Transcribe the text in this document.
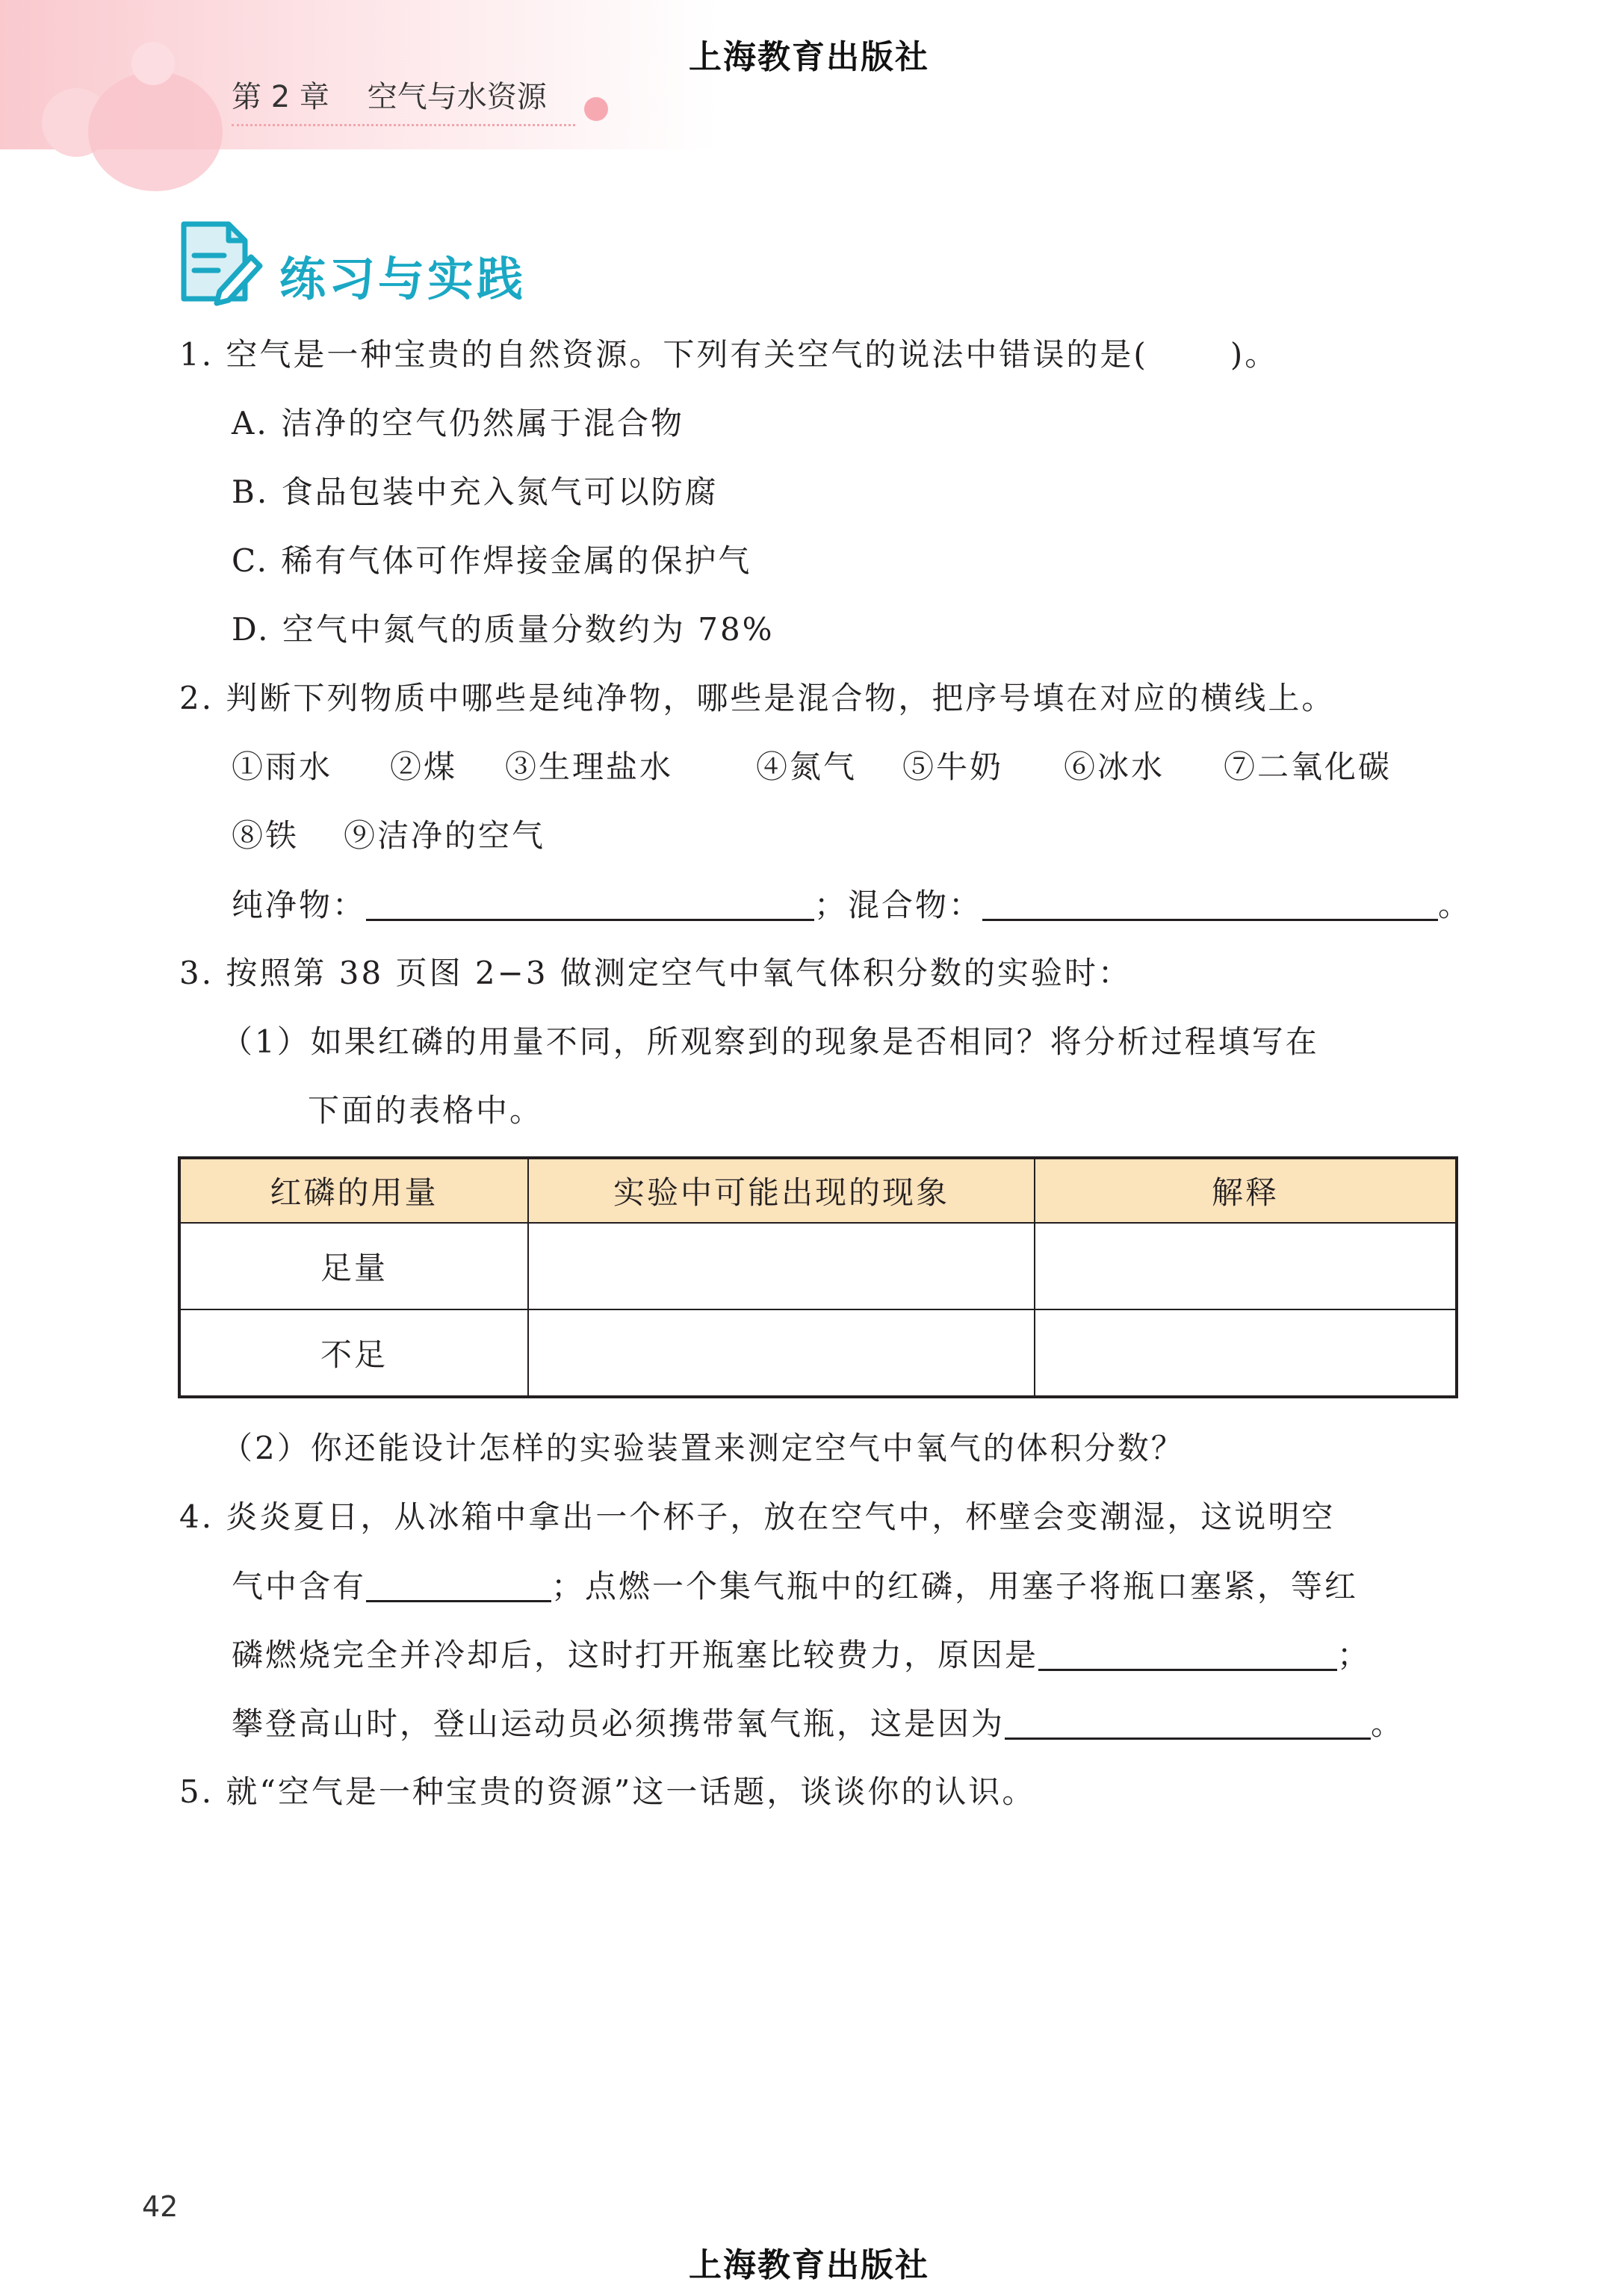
上海教育出版社
第 2 章    空气与水资源
练习与实践
1. 空气是一种宝贵的自然资源。下列有关空气的说法中错误的是(	)。
A. 洁净的空气仍然属于混合物
B. 食品包装中充入氮气可以防腐
C. 稀有气体可作焊接金属的保护气
D. 空气中氮气的质量分数约为 78%
2. 判断下列物质中哪些是纯净物，哪些是混合物，把序号填在对应的横线上。
①雨水 ②煤 ③生理盐水	④氮气 ⑤牛奶 ⑥冰水 ⑦二氧化碳
⑧铁 ⑨洁净的空气
纯净物：	；混合物：	。
3. 按照第 38 页图 2−3 做测定空气中氧气体积分数的实验时：
（1）如果红磷的用量不同，所观察到的现象是否相同？将分析过程填写在
下面的表格中。
红磷的用量	实验中可能出现的现象	解释
足量		
不足		
（2）你还能设计怎样的实验装置来测定空气中氧气的体积分数？
4. 炎炎夏日，从冰箱中拿出一个杯子，放在空气中，杯壁会变潮湿，这说明空
气中含有	；点燃一个集气瓶中的红磷，用塞子将瓶口塞紧，等红
磷燃烧完全并冷却后，这时打开瓶塞比较费力，原因是	；
攀登高山时，登山运动员必须携带氧气瓶，这是因为	。
5. 就“空气是一种宝贵的资源”这一话题，谈谈你的认识。
42
上海教育出版社
